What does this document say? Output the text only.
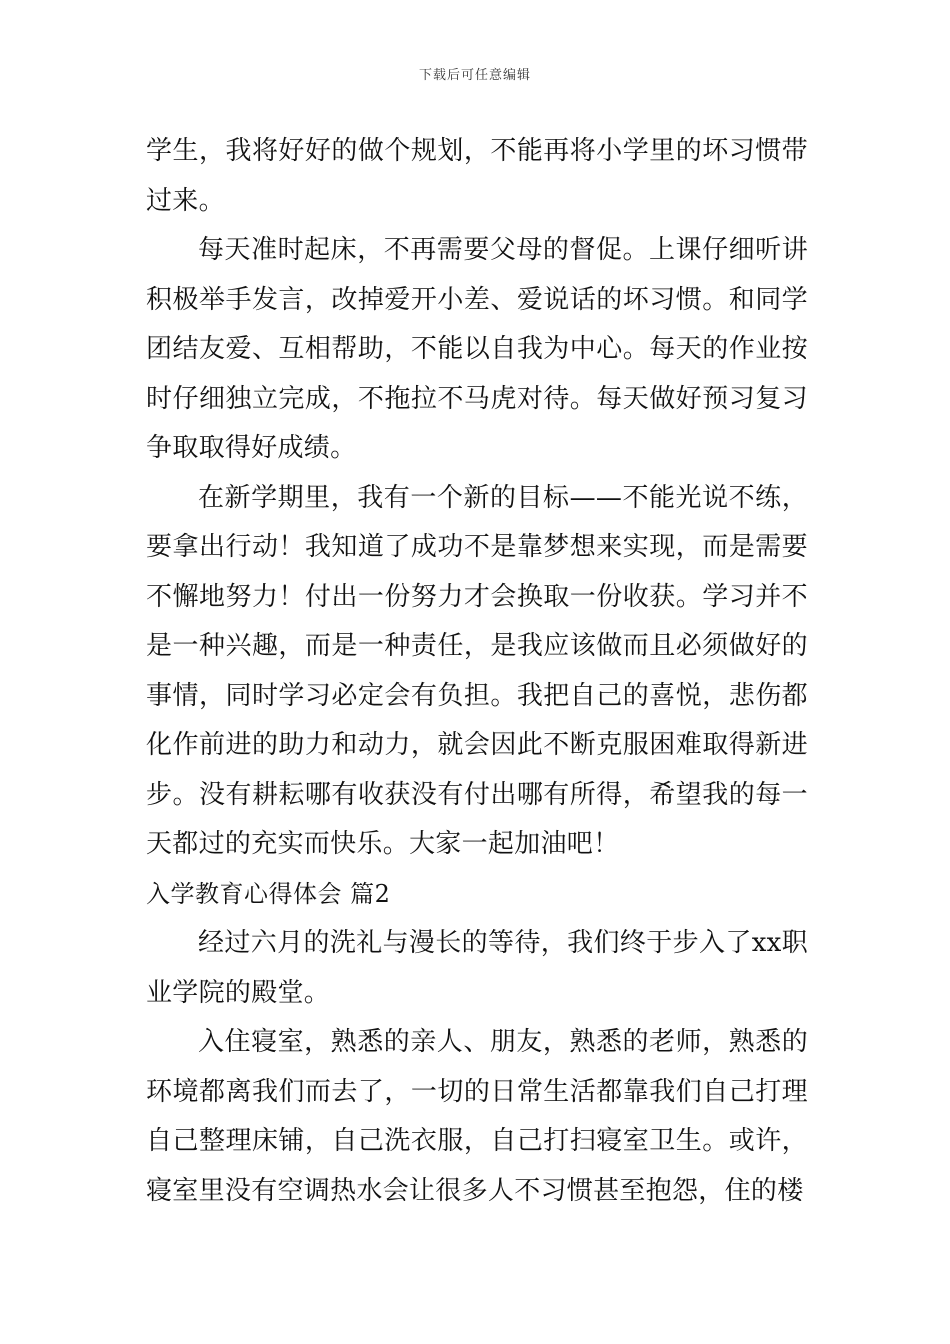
下载后可任意编辑

学生，我将好好的做个规划，不能再将小学里的坏习惯带过来。

每天准时起床，不再需要父母的督促。上课仔细听讲积极举手发言，改掉爱开小差、爱说话的坏习惯。和同学团结友爱、互相帮助，不能以自我为中心。每天的作业按时仔细独立完成，不拖拉不马虎对待。每天做好预习复习争取取得好成绩。

在新学期里，我有一个新的目标——不能光说不练，要拿出行动！我知道了成功不是靠梦想来实现，而是需要不懈地努力！付出一份努力才会换取一份收获。学习并不是一种兴趣，而是一种责任，是我应该做而且必须做好的事情，同时学习必定会有负担。我把自己的喜悦，悲伤都化作前进的助力和动力，就会因此不断克服困难取得新进步。没有耕耘哪有收获没有付出哪有所得，希望我的每一天都过的充实而快乐。大家一起加油吧！

入学教育心得体会 篇2

经过六月的洗礼与漫长的等待，我们终于步入了xx职业学院的殿堂。

入住寝室，熟悉的亲人、朋友，熟悉的老师，熟悉的环境都离我们而去了，一切的日常生活都靠我们自己打理自己整理床铺，自己洗衣服，自己打扫寝室卫生。或许，寝室里没有空调热水会让很多人不习惯甚至抱怨，住的楼
